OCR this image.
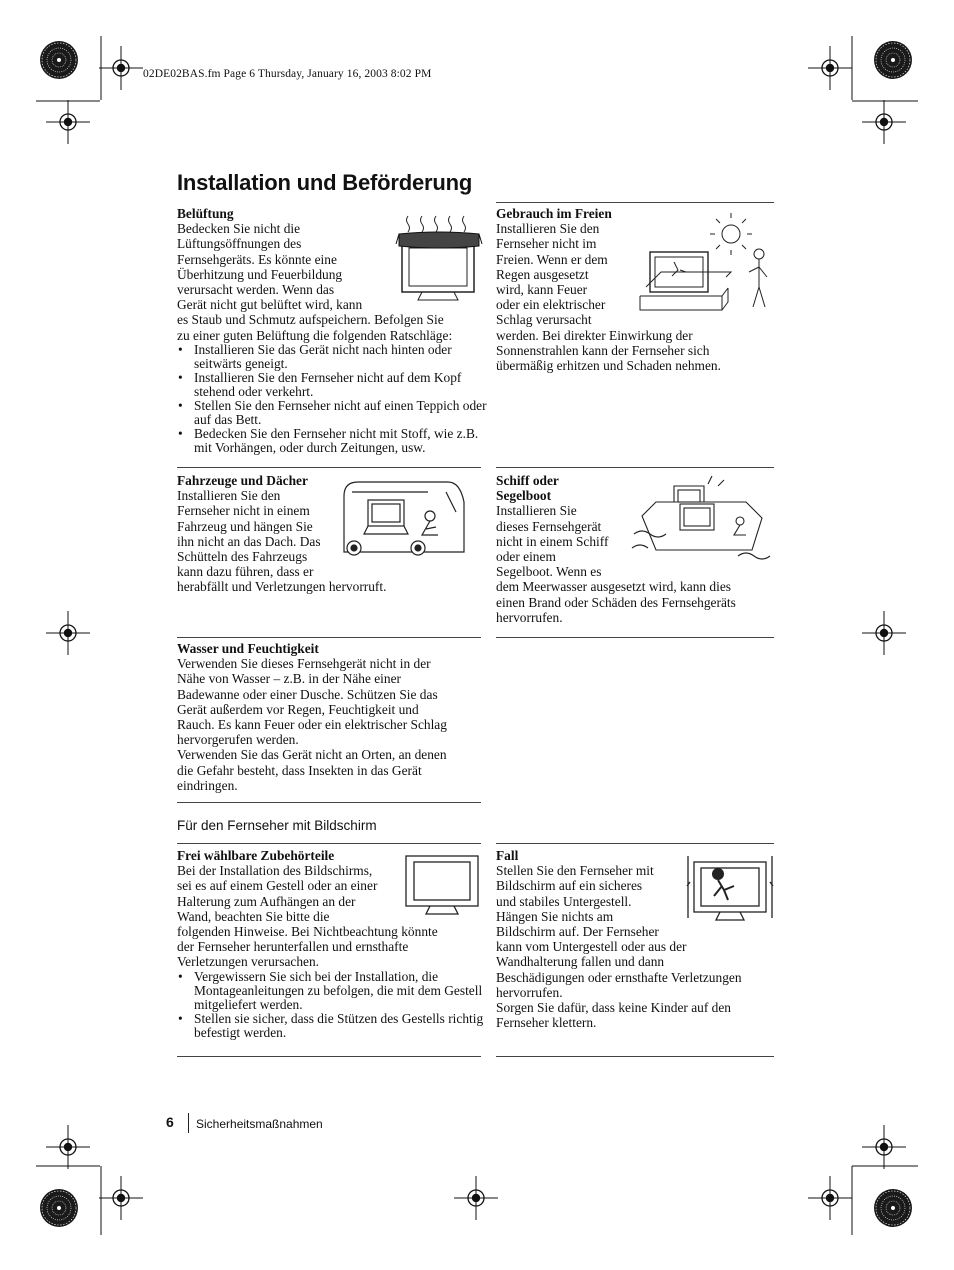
02DE02BAS.fm Page 6 Thursday, January 16, 2003 8:02 PM
Installation und Beförderung
Belüftung

Bedecken Sie nicht die

Lüftungsöffnungen des

Fernsehgeräts. Es könnte eine

Überhitzung und Feuerbildung

verursacht werden. Wenn das

Gerät nicht gut belüftet wird, kann

es Staub und Schmutz aufspeichern. Befolgen Sie

zu einer guten Belüftung die folgenden Ratschläge:

• Installieren Sie das Gerät nicht nach hinten oder seitwärts geneigt.
• Installieren Sie den Fernseher nicht auf dem Kopf stehend oder verkehrt.
• Stellen Sie den Fernseher nicht auf einen Teppich oder auf das Bett.
• Bedecken Sie den Fernseher nicht mit Stoff, wie z.B. mit Vorhängen, oder durch Zeitungen, usw.
Gebrauch im Freien

Installieren Sie den

Fernseher nicht im

Freien. Wenn er dem

Regen ausgesetzt

wird, kann Feuer

oder ein elektrischer

Schlag verursacht

werden. Bei direkter Einwirkung der

Sonnenstrahlen kann der Fernseher sich

übermäßig erhitzen und Schaden nehmen.

Fahrzeuge und Dächer

Installieren Sie den

Fernseher nicht in einem

Fahrzeug und hängen Sie

ihn nicht an das Dach. Das

Schütteln des Fahrzeugs

kann dazu führen, dass er

herabfällt und Verletzungen hervorruft.

Schiff oder
Segelboot

Installieren Sie

dieses Fernsehgerät

nicht in einem Schiff

oder einem

Segelboot. Wenn es

dem Meerwasser ausgesetzt wird, kann dies

einen Brand oder Schäden des Fernsehgeräts

hervorrufen.

Wasser und Feuchtigkeit

Verwenden Sie dieses Fernsehgerät nicht in der

Nähe von Wasser – z.B. in der Nähe einer

Badewanne oder einer Dusche. Schützen Sie das

Gerät außerdem vor Regen, Feuchtigkeit und

Rauch. Es kann Feuer oder ein elektrischer Schlag

hervorgerufen werden.

Verwenden Sie das Gerät nicht an Orten, an denen

die Gefahr besteht, dass Insekten in das Gerät

eindringen.

Für den Fernseher mit Bildschirm
Frei wählbare Zubehörteile

Bei der Installation des Bildschirms,

sei es auf einem Gestell oder an einer

Halterung zum Aufhängen an der

Wand, beachten Sie bitte die

folgenden Hinweise. Bei Nichtbeachtung könnte

der Fernseher herunterfallen und ernsthafte

Verletzungen verursachen.

• Vergewissern Sie sich bei der Installation, die Montageanleitungen zu befolgen, die mit dem Gestell mitgeliefert werden.
• Stellen sie sicher, dass die Stützen des Gestells richtig befestigt werden.
Fall

Stellen Sie den Fernseher mit

Bildschirm auf ein sicheres

und stabiles Untergestell.

Hängen Sie nichts am

Bildschirm auf. Der Fernseher

kann vom Untergestell oder aus der

Wandhalterung fallen und dann

Beschädigungen oder ernsthafte Verletzungen

hervorrufen.

Sorgen Sie dafür, dass keine Kinder auf den

Fernseher klettern.

6 Sicherheitsmaßnahmen
